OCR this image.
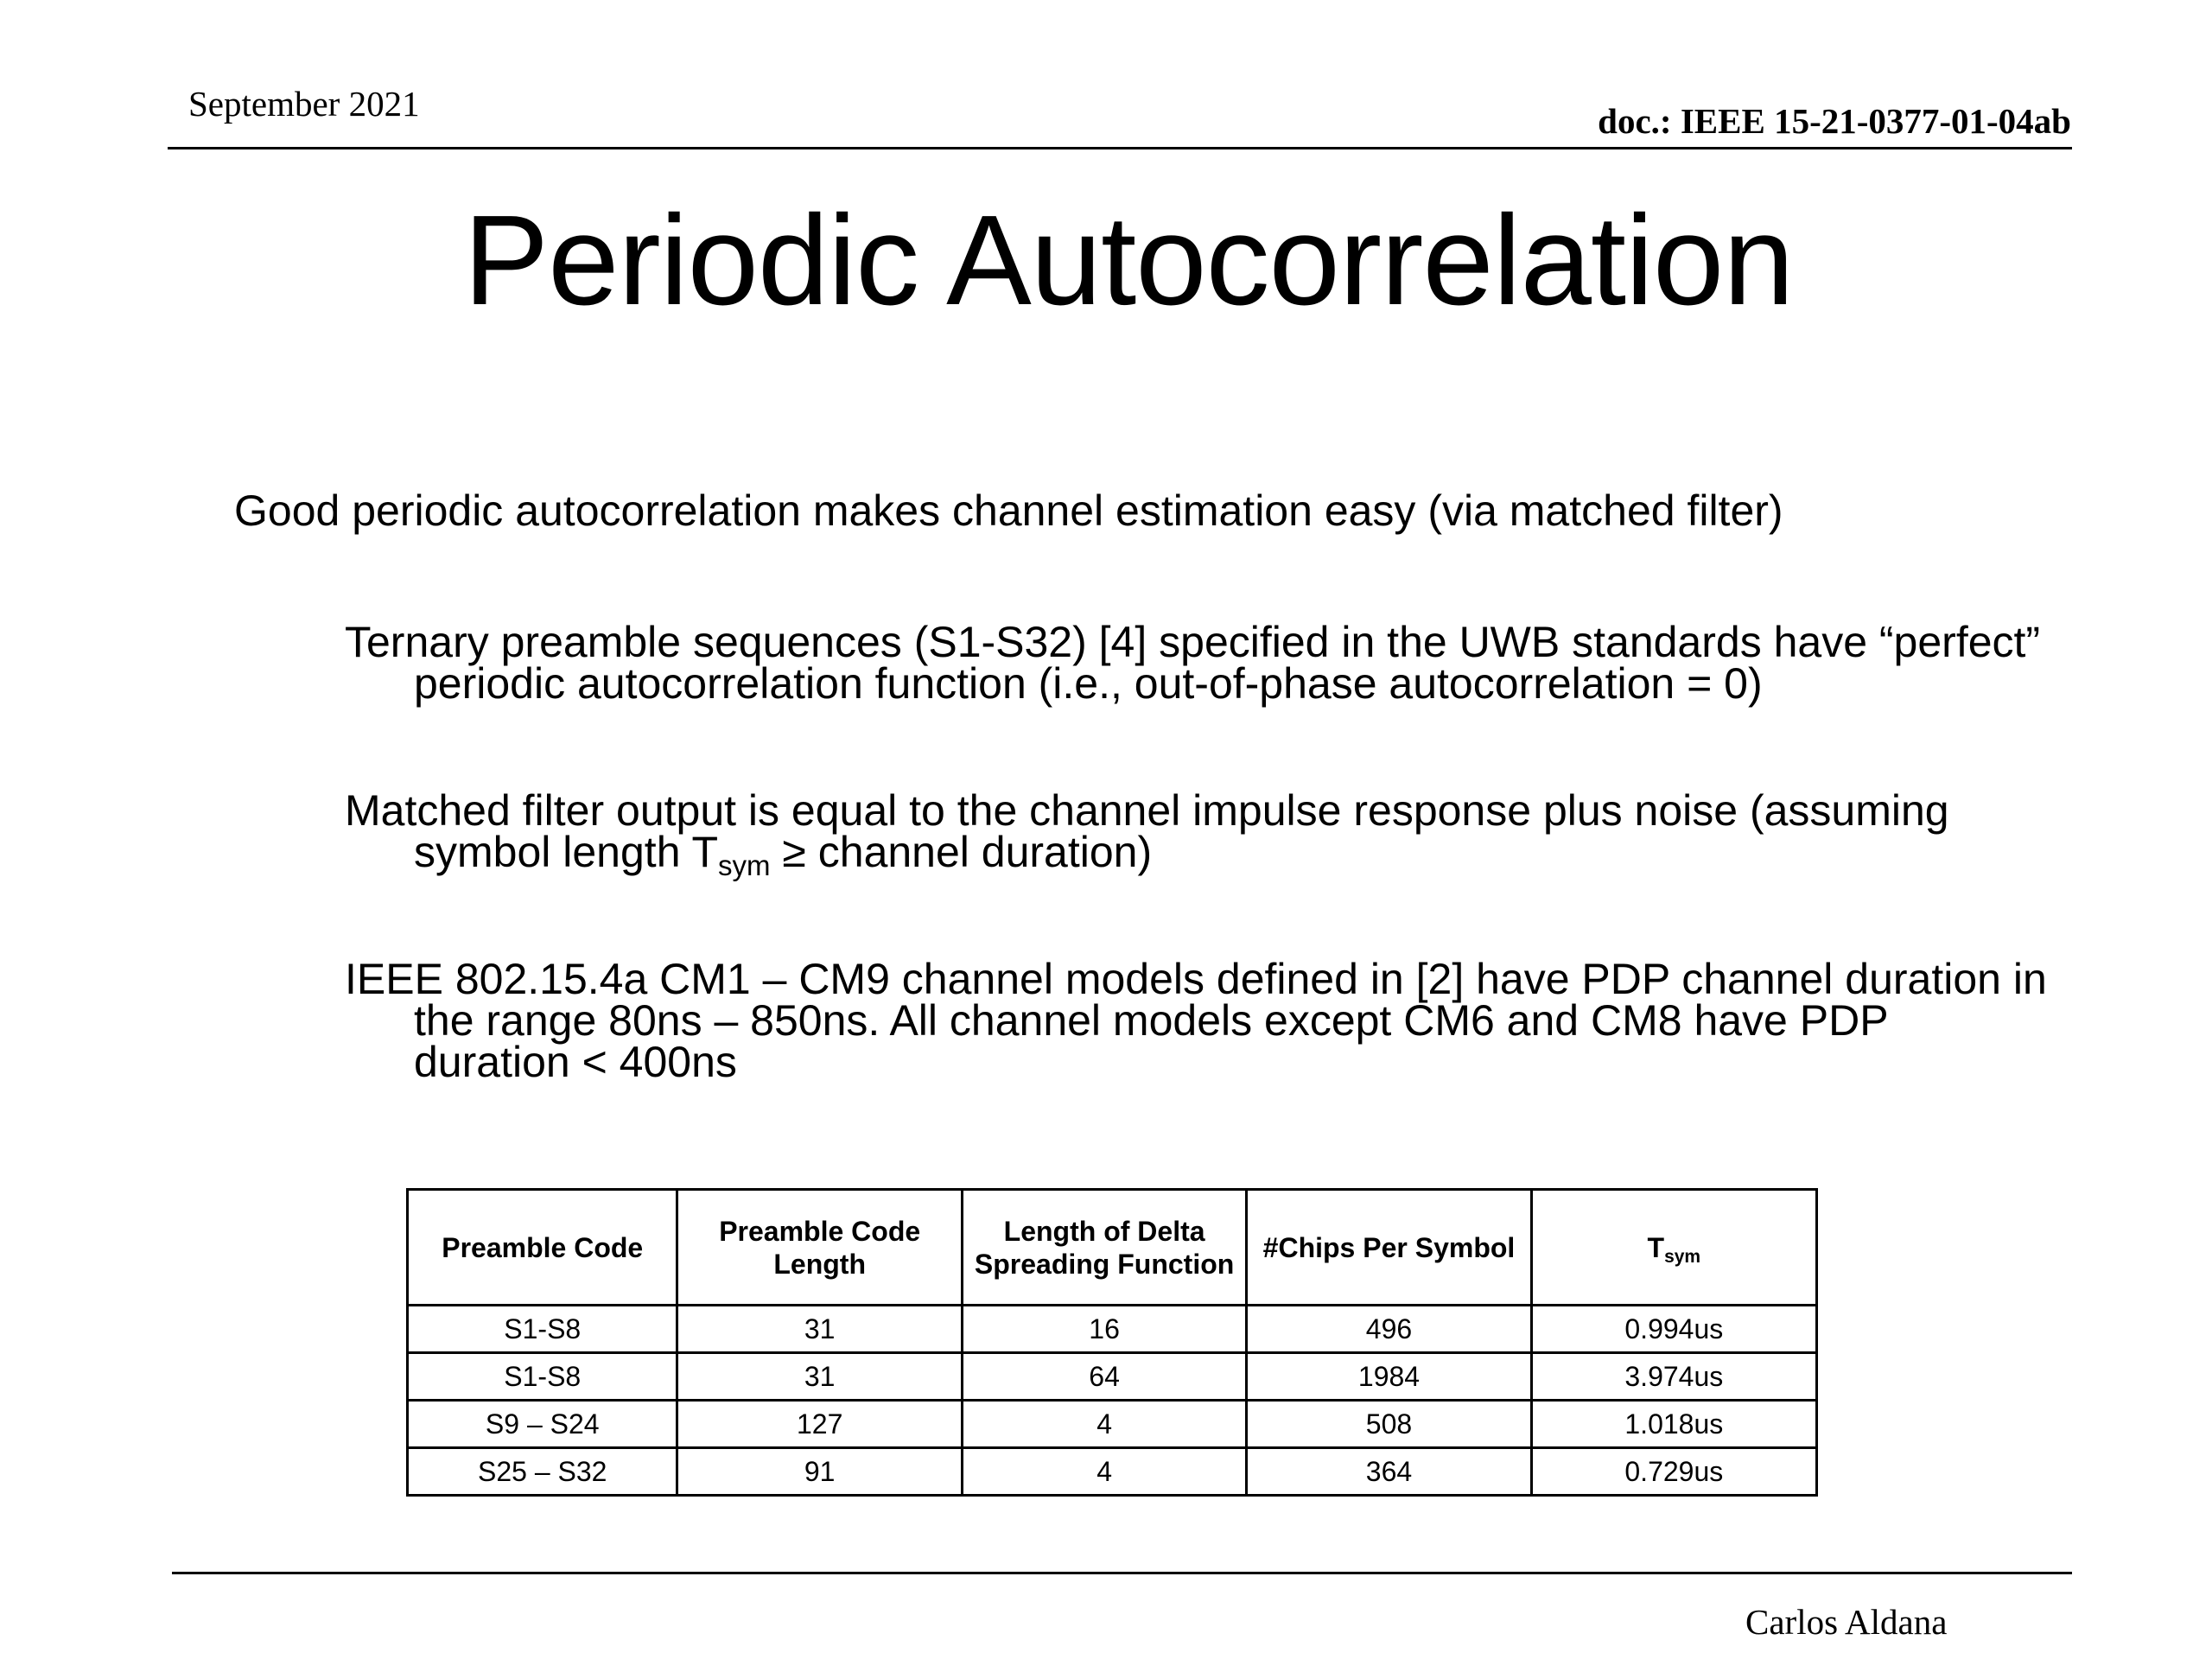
September 2021	doc.: IEEE 15-21-0377-01-04ab
Periodic Autocorrelation
Good periodic autocorrelation makes channel estimation easy (via matched filter)
Ternary preamble sequences (S1-S32) [4] specified in the UWB standards have “perfect” periodic autocorrelation function (i.e., out-of-phase autocorrelation = 0)
Matched filter output is equal to the channel impulse response plus noise (assuming symbol length $T_{sym}$ ≥ channel duration)
IEEE 802.15.4a CM1 – CM9 channel models defined in [2] have PDP channel duration in the range 80ns – 850ns. All channel models except CM6 and CM8 have PDP duration < 400ns
Preamble Code	Preamble Code Length	Length of Delta Spreading Function	#Chips Per Symbol	Tsym
S1-S8	31	16	496	0.994us
S1-S8	31	64	1984	3.974us
S9 – S24	127	4	508	1.018us
S25 – S32	91	4	364	0.729us
Carlos Aldana
